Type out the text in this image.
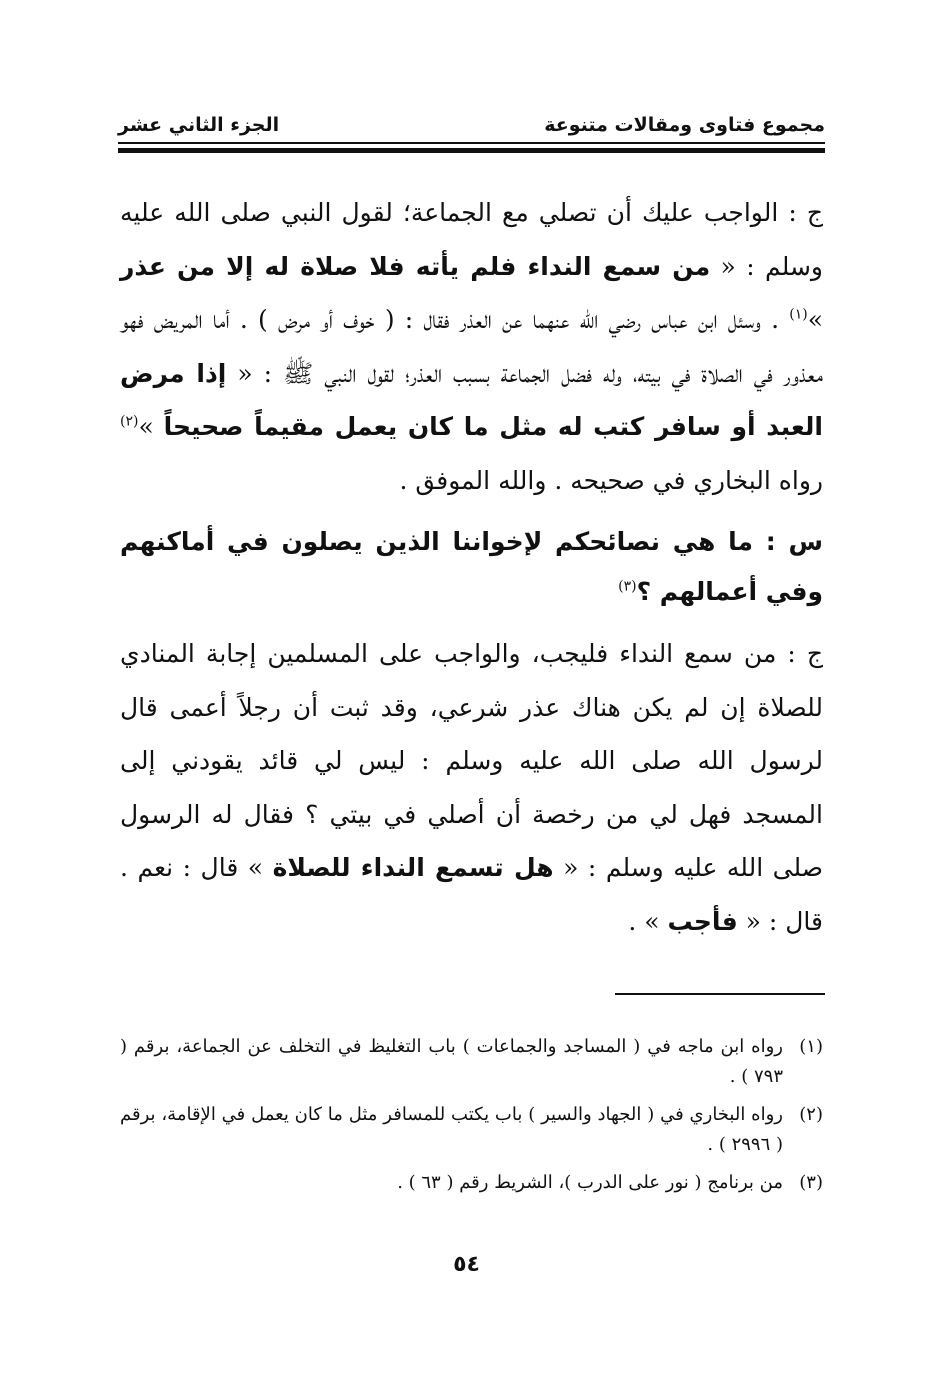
مجموع فتاوى ومقالات متنوعة
الجزء الثاني عشر

ج : الواجب عليك أن تصلي مع الجماعة؛ لقول النبي صلى الله عليه وسلم : « من سمع النداء فلم يأته فلا صلاة له إلا من عذر »$^{(١)}$ . وسئل ابن عباس رضي الله عنهما عن العذر فقال : ( خوف أو مرض ) . أما المريض فهو معذور في الصلاة في بيته، وله فضل الجماعة بسبب العذر؛ لقول النبي ﷺ : « إذا مرض العبد أو سافر كتب له مثل ما كان يعمل مقيماً صحيحاً »$^{(٢)}$ رواه البخاري في صحيحه . والله الموفق .

س : ما هي نصائحكم لإخواننا الذين يصلون في أماكنهم وفي أعمالهم ؟$^{(٣)}$

ج : من سمع النداء فليجب، والواجب على المسلمين إجابة المنادي للصلاة إن لم يكن هناك عذر شرعي، وقد ثبت أن رجلاً أعمى قال لرسول الله صلى الله عليه وسلم : ليس لي قائد يقودني إلى المسجد فهل لي من رخصة أن أصلي في بيتي ؟ فقال له الرسول صلى الله عليه وسلم : « هل تسمع النداء للصلاة » قال : نعم . قال : « فأجب » .

(١)
رواه ابن ماجه في ( المساجد والجماعات ) باب التغليظ في التخلف عن الجماعة، برقم ( ٧٩٣ ) .
(٢)
رواه البخاري في ( الجهاد والسير ) باب يكتب للمسافر مثل ما كان يعمل في الإقامة، برقم ( ٢٩٩٦ ) .
(٣)
من برنامج ( نور على الدرب )، الشريط رقم ( ٦٣ ) .
٥٤
